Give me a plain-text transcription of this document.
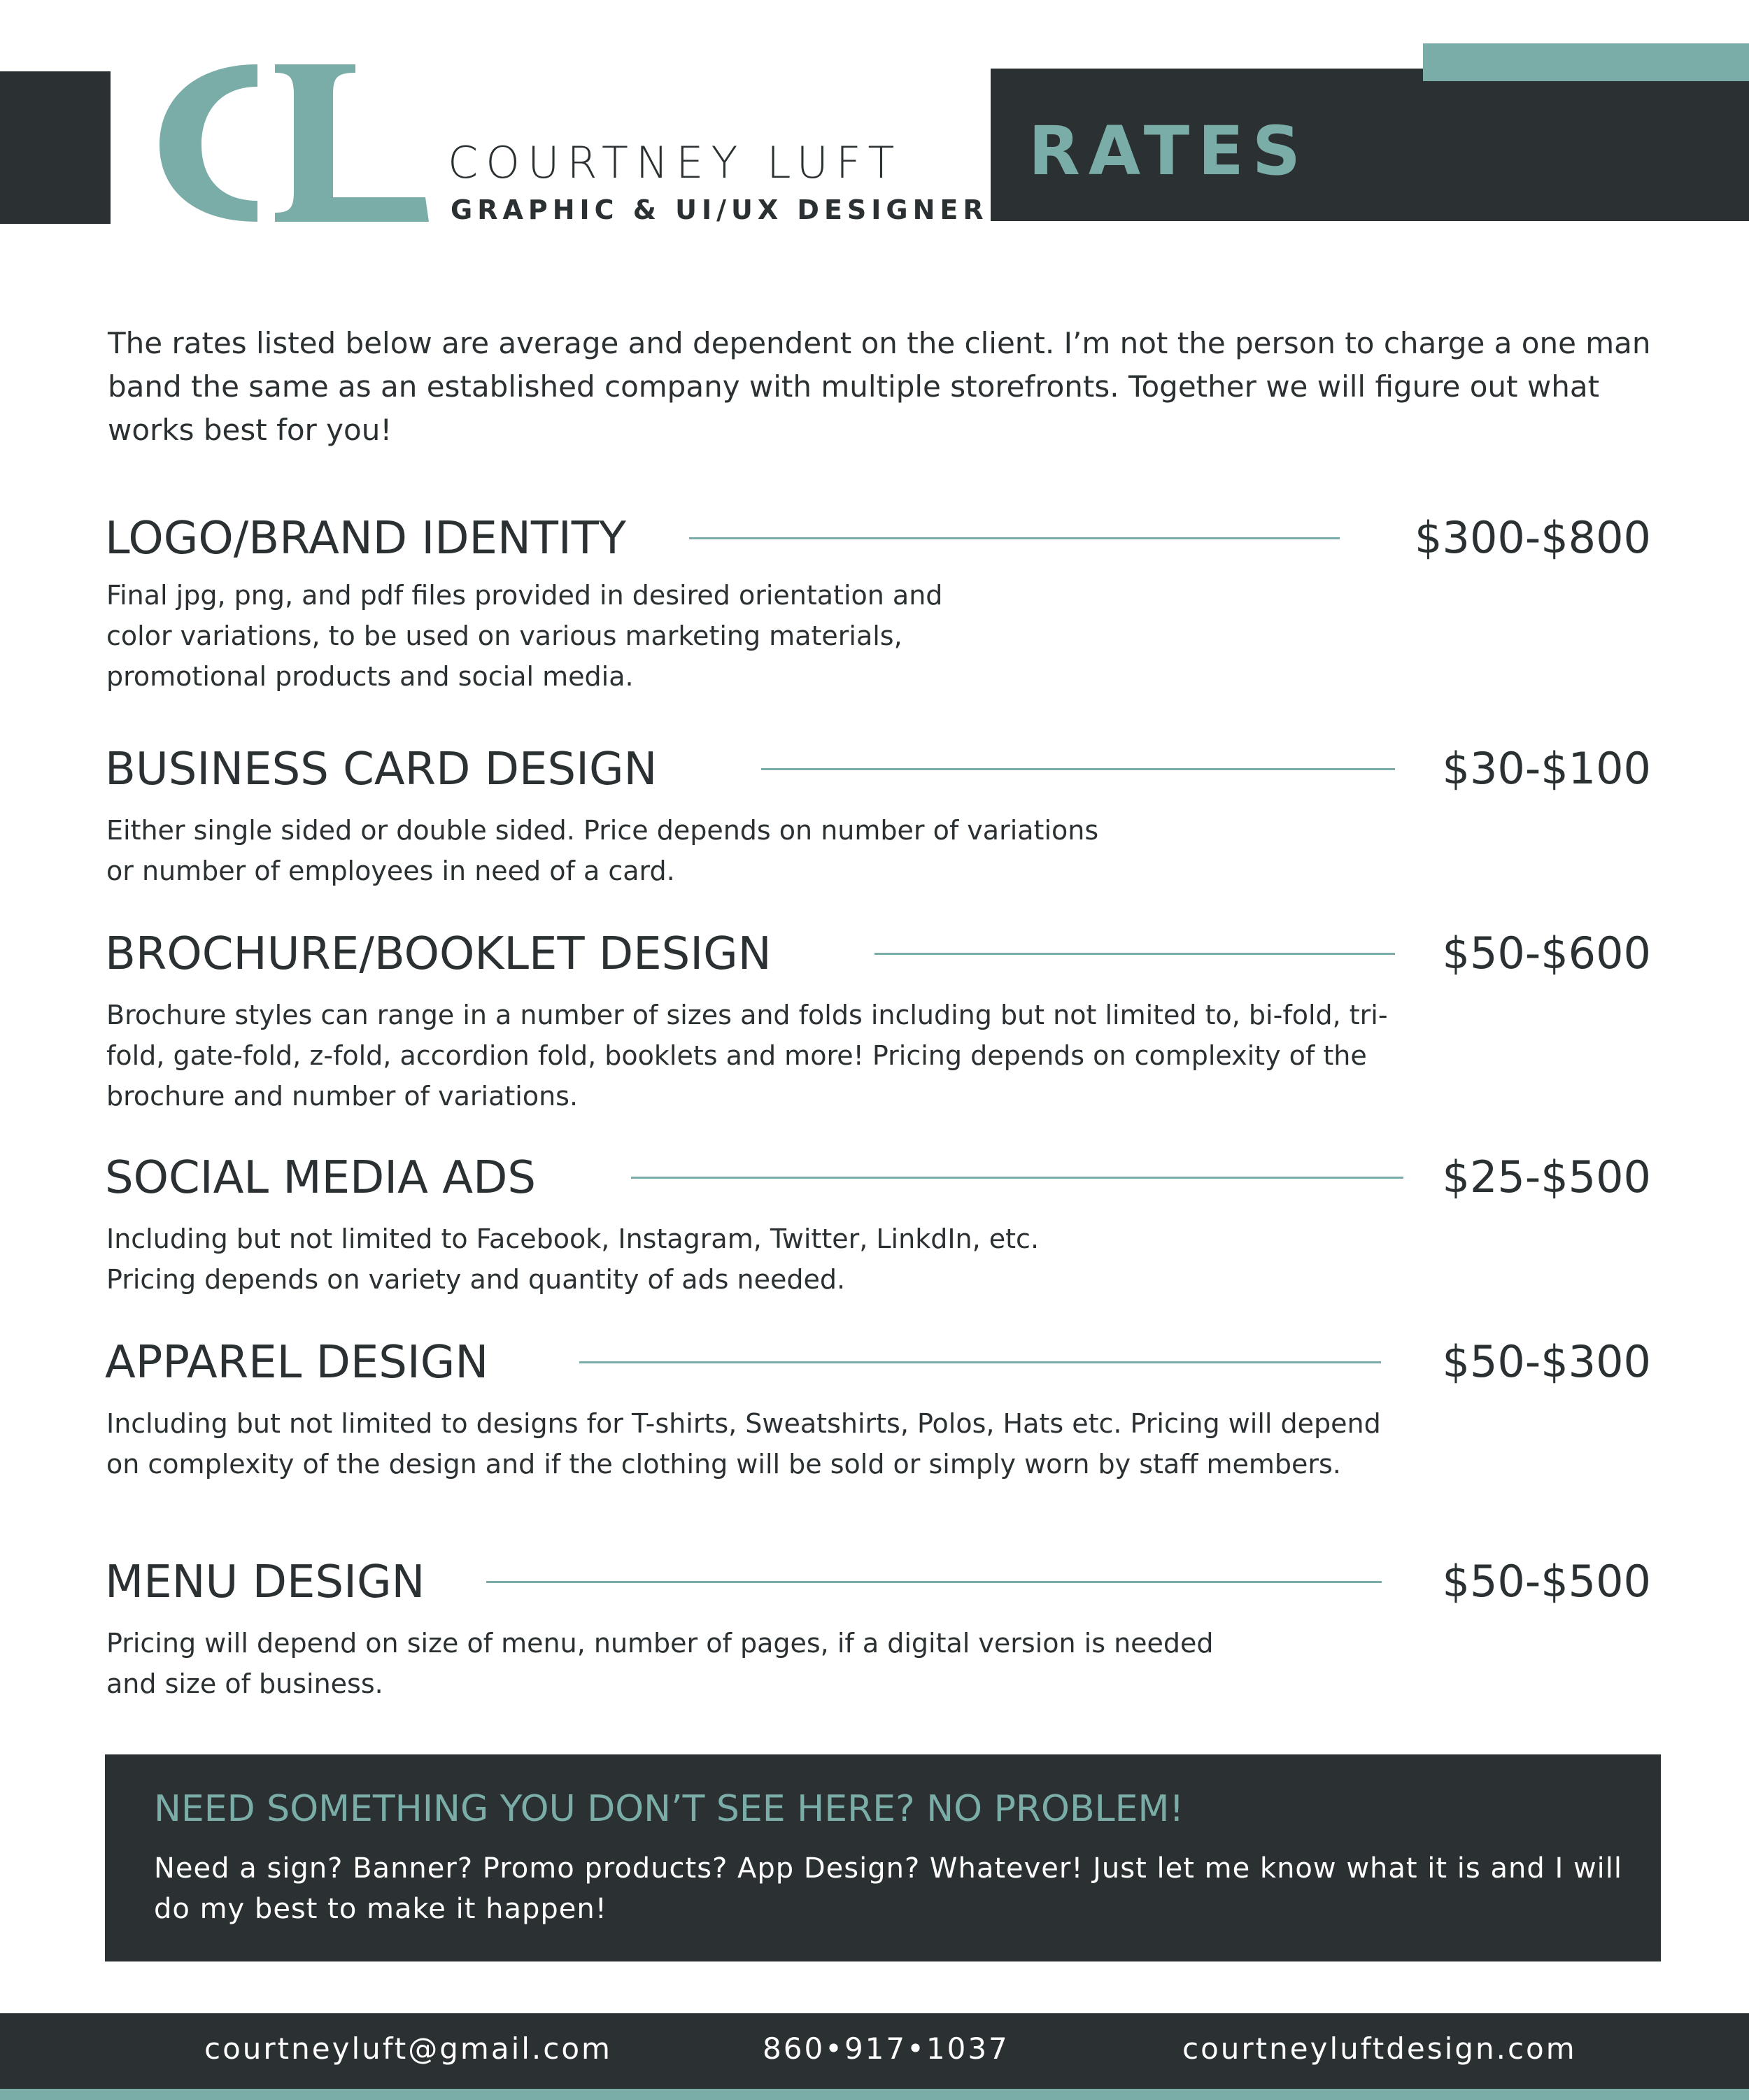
COURTNEY LUFT
GRAPHIC & UI/UX DESIGNER
RATES
The rates listed below are average and dependent on the client. I’m not the person to charge a one man band the same as an established company with multiple storefronts. Together we will figure out what works best for you!
LOGO/BRAND IDENTITY	$300-$800
Final jpg, png, and pdf files provided in desired orientation and color variations, to be used on various marketing materials, promotional products and social media.
BUSINESS CARD DESIGN	$30-$100
Either single sided or double sided. Price depends on number of variations or number of employees in need of a card.
BROCHURE/BOOKLET DESIGN	$50-$600
Brochure styles can range in a number of sizes and folds including but not limited to, bi-fold, tri-fold, gate-fold, z-fold, accordion fold, booklets and more! Pricing depends on complexity of the brochure and number of variations.
SOCIAL MEDIA ADS	$25-$500
Including but not limited to Facebook, Instagram, Twitter, LinkdIn, etc. Pricing depends on variety and quantity of ads needed.
APPAREL DESIGN	$50-$300
Including but not limited to designs for T-shirts, Sweatshirts, Polos, Hats etc. Pricing will depend on complexity of the design and if the clothing will be sold or simply worn by staff members.
MENU DESIGN	$50-$500
Pricing will depend on size of menu, number of pages, if a digital version is needed and size of business.
NEED SOMETHING YOU DON’T SEE HERE? NO PROBLEM!
Need a sign? Banner? Promo products? App Design? Whatever! Just let me know what it is and I will do my best to make it happen!
courtneyluft@gmail.com	860•917•1037	courtneyluftdesign.com
